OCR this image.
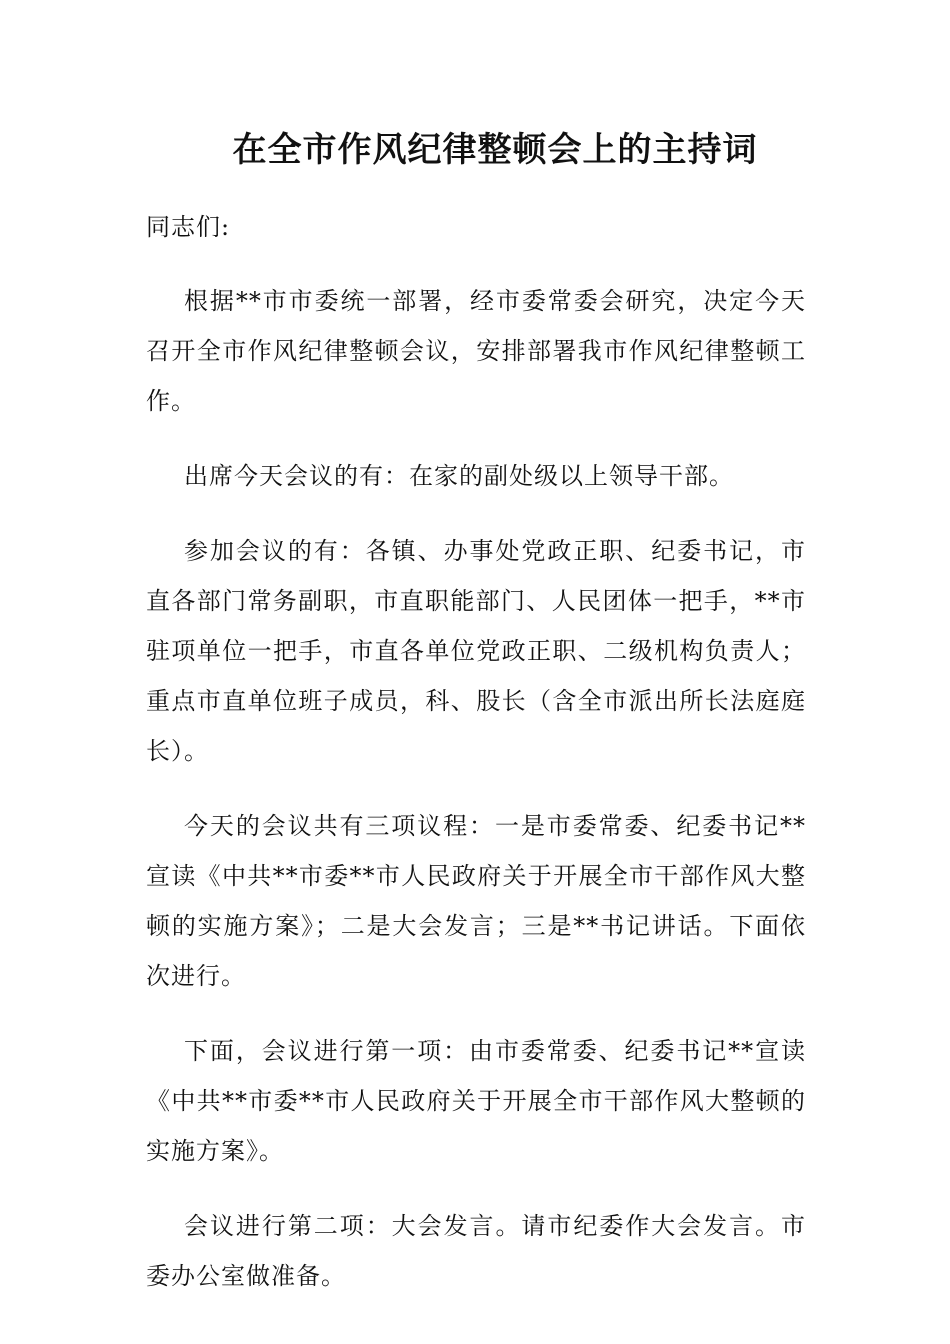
在全市作风纪律整顿会上的主持词

同志们:

根据**市市委统一部署，经市委常委会研究，决定今天召开全市作风纪律整顿会议，安排部署我市作风纪律整顿工作。

出席今天会议的有：在家的副处级以上领导干部。

参加会议的有：各镇、办事处党政正职、纪委书记，市直各部门常务副职，市直职能部门、人民团体一把手，**市驻项单位一把手，市直各单位党政正职、二级机构负责人；重点市直单位班子成员，科、股长（含全市派出所长法庭庭长）。

今天的会议共有三项议程：一是市委常委、纪委书记**宣读《中共**市委**市人民政府关于开展全市干部作风大整顿的实施方案》；二是大会发言；三是**书记讲话。下面依次进行。

下面，会议进行第一项：由市委常委、纪委书记**宣读《中共**市委**市人民政府关于开展全市干部作风大整顿的实施方案》。

会议进行第二项：大会发言。请市纪委作大会发言。市委办公室做准备。
